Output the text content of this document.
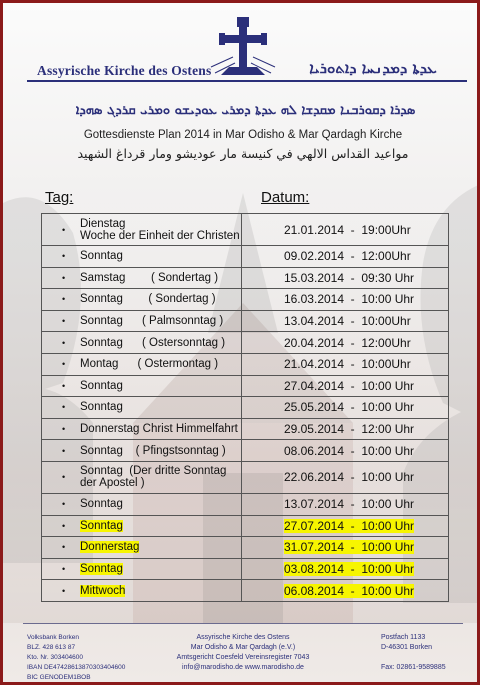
Assyrische Kirche des Ostens	ܥܕܬܐ ܕܡܕܢܚܐ ܕܐܬܘܪܝܐ
ܣܕܪܐ ܕܩܘܪܒܢܐ ܡܩܕܫܐ ܠܗ ܥܕܬܐ ܕܡܪܝ ܥܘܕܝܫܘ ܘܡܪܝ ܩܪܕܓ ܣܗܕܐ
Gottesdienste Plan 2014 in Mar Odisho & Mar Qardagh Kirche
مواعيد القداس الالهي في كنيسة مار عوديشو ومار قرداغ الشهيد
Tag:	Datum:
• Dienstag
Woche der Einheit der Christen	21.01.2014  -  19:00Uhr

• Sonntag	09.02.2014  -  12:00Uhr

• Samstag        ( Sondertag )	15.03.2014  -  09:30 Uhr

• Sonntag        ( Sondertag )	16.03.2014  -  10:00 Uhr

• Sonntag      ( Palmsonntag )	13.04.2014  -  10:00Uhr

• Sonntag      ( Ostersonntag )	20.04.2014  -  12:00Uhr

• Montag      ( Ostermontag )	21.04.2014  -  10:00Uhr

• Sonntag	27.04.2014  -  10:00 Uhr

• Sonntag	25.05.2014  -  10:00 Uhr

• Donnerstag Christ Himmelfahrt	29.05.2014  -  12:00 Uhr

• Sonntag    ( Pfingstsonntag )	08.06.2014  -  10:00 Uhr

• Sonntag  (Der dritte Sonntag
der Apostel )	22.06.2014  -  10:00 Uhr

• Sonntag	13.07.2014  -  10:00 Uhr

• Sonntag	27.07.2014  -  10:00 Uhr

• Donnerstag	31.07.2014  -  10:00 Uhr

• Sonntag	03.08.2014  -  10:00 Uhr

• Mittwoch	06.08.2014  -  10:00 Uhr
Volksbank Borken
BLZ. 428 613 87
Kto. Nr. 303404600
IBAN DE47428613870303404600
BIC GENODEM1BOB
Assyrische Kirche des Ostens
Mar Odisho & Mar Qardagh (e.V.)
Amtsgericht Coesfeld Vereinsregister 7043
info@marodisho.de www.marodisho.de
Postfach 1133
D-46301 Borken

Fax: 02861-9589885
